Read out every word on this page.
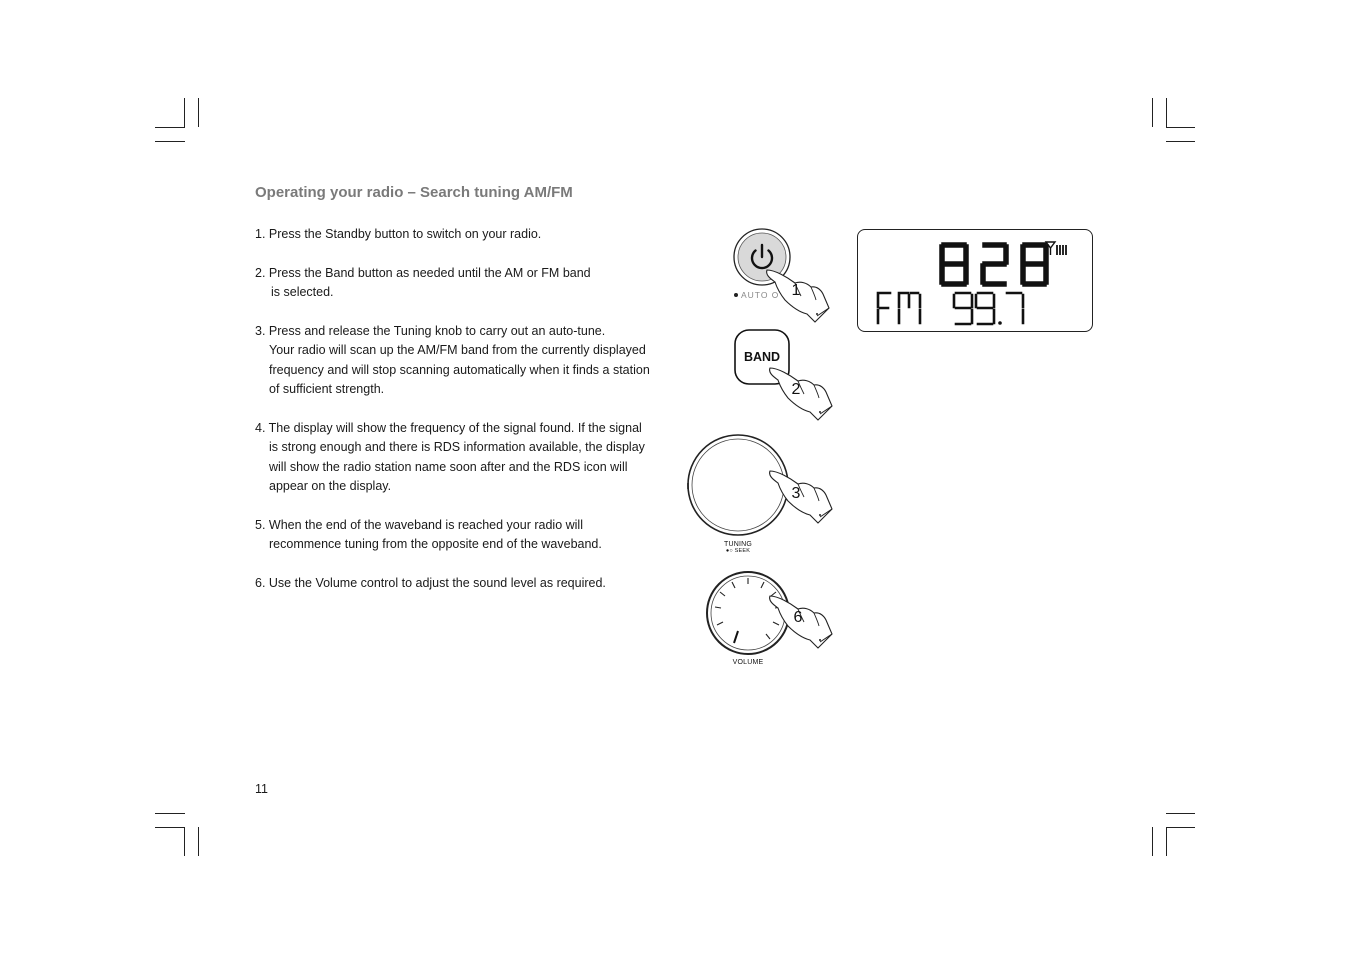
Operating your radio – Search tuning AM/FM
1. Press the Standby button to switch on your radio.
2. Press the Band button as needed until the AM or FM band
is selected.
3. Press and release the Tuning knob to carry out an auto-tune.
Your radio will scan up the AM/FM band from the currently displayed
frequency and will stop scanning automatically when it finds a station
of sufficient strength.
4. The display will show the frequency of the signal found. If the signal
is strong enough and there is RDS information available, the display
will show the radio station name soon after and the RDS icon will
appear on the display.
5. When the end of the waveband is reached your radio will
recommence tuning from the opposite end of the waveband.
6. Use the Volume control to adjust the sound level as required.
11
AUTO	1
BAND
2
TUNING
●○ SEEK
3
VOLUME
6
